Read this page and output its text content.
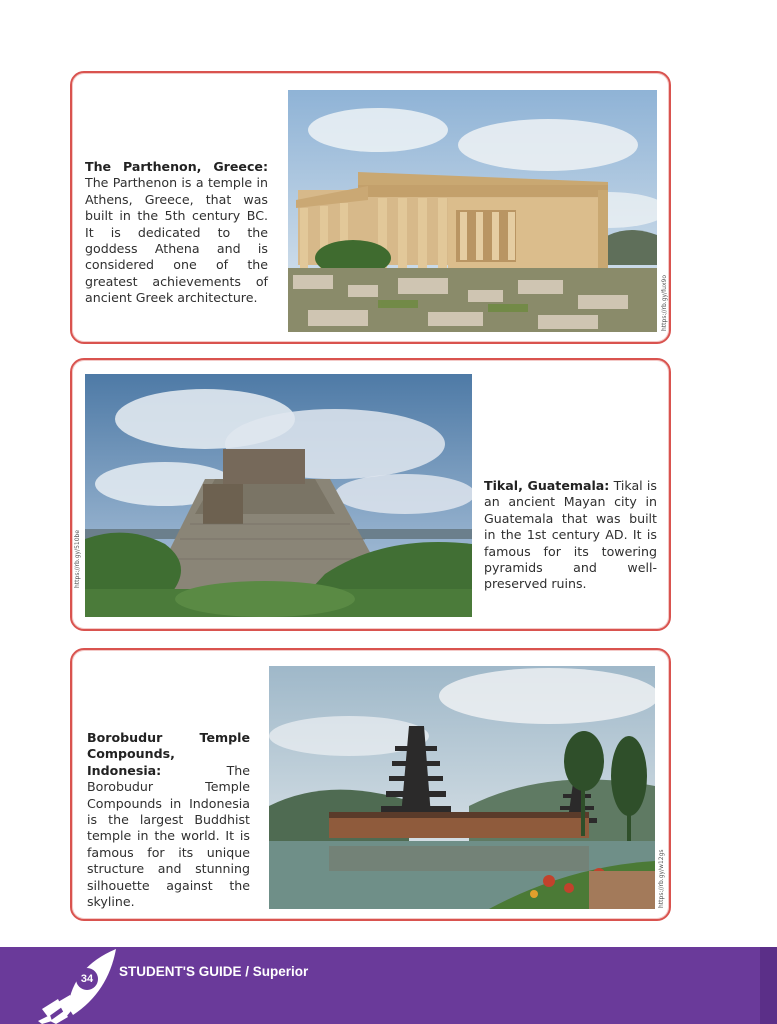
The Parthenon, Greece: The Parthenon is a temple in Athens, Greece, that was built in the 5th century BC. It is dedicated to the goddess Athena and is considered one of the greatest achievements of ancient Greek architecture.	https://rb.gy/fux9o
https://rb.gy/510be

Tikal, Guatemala: Tikal is an ancient Mayan city in Guatemala that was built in the 1st century AD. It is famous for its towering pyramids and well-preserved ruins.

Borobudur Temple Compounds, Indonesia: The Borobudur Temple Compounds in Indonesia is the largest Buddhist temple in the world. It is famous for its unique structure and stunning silhouette against the skyline.	https://rb.gy/w12gs
34	STUDENT'S GUIDE / Superior
